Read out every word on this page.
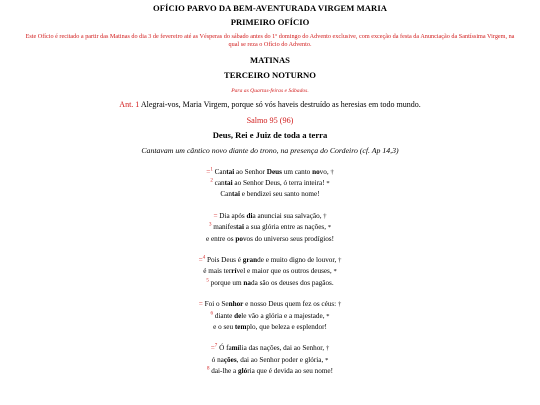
OFÍCIO PARVO DA BEM-AVENTURADA VIRGEM MARIA
PRIMEIRO OFÍCIO
Este Ofício é recitado a partir das Matinas do dia 3 de fevereiro até as Vésperas do sábado antes do 1º domingo do Advento exclusive, com exceção da festa da Anunciação da Santíssima Virgem, na
qual se reza o Ofício do Advento.
MATINAS
TERCEIRO NOTURNO
Para as Quartas-feiras e Sábados.
Ant. 1 Alegrai-vos, Maria Virgem, porque só vós haveis destruído as heresias em todo mundo.
Salmo 95 (96)
Deus, Rei e Juiz de toda a terra
Cantavam um cântico novo diante do trono, na presença do Cordeiro (cf. Ap 14,3)
=$^1$ Cantai ao Senhor Deus um canto novo, †
$^2$ cantai ao Senhor Deus, ó terra inteira! *
Cantai e bendizei seu santo nome!
= Dia após dia anunciai sua salvação, †
$^3$ manifestai a sua glória entre as nações, *
e entre os povos do universo seus prodígios!
=$^4$ Pois Deus é grande e muito digno de louvor, †
é mais terrível e maior que os outros deuses, *
$^5$ porque um nada são os deuses dos pagãos.
= Foi o Senhor e nosso Deus quem fez os céus: †
$^6$ diante dele vão a glória e a majestade, *
e o seu templo, que beleza e esplendor!
=$^7$ Ó família das nações, dai ao Senhor, †
ó nações, dai ao Senhor poder e glória, *
$^8$ dai-lhe a glória que é devida ao seu nome!
